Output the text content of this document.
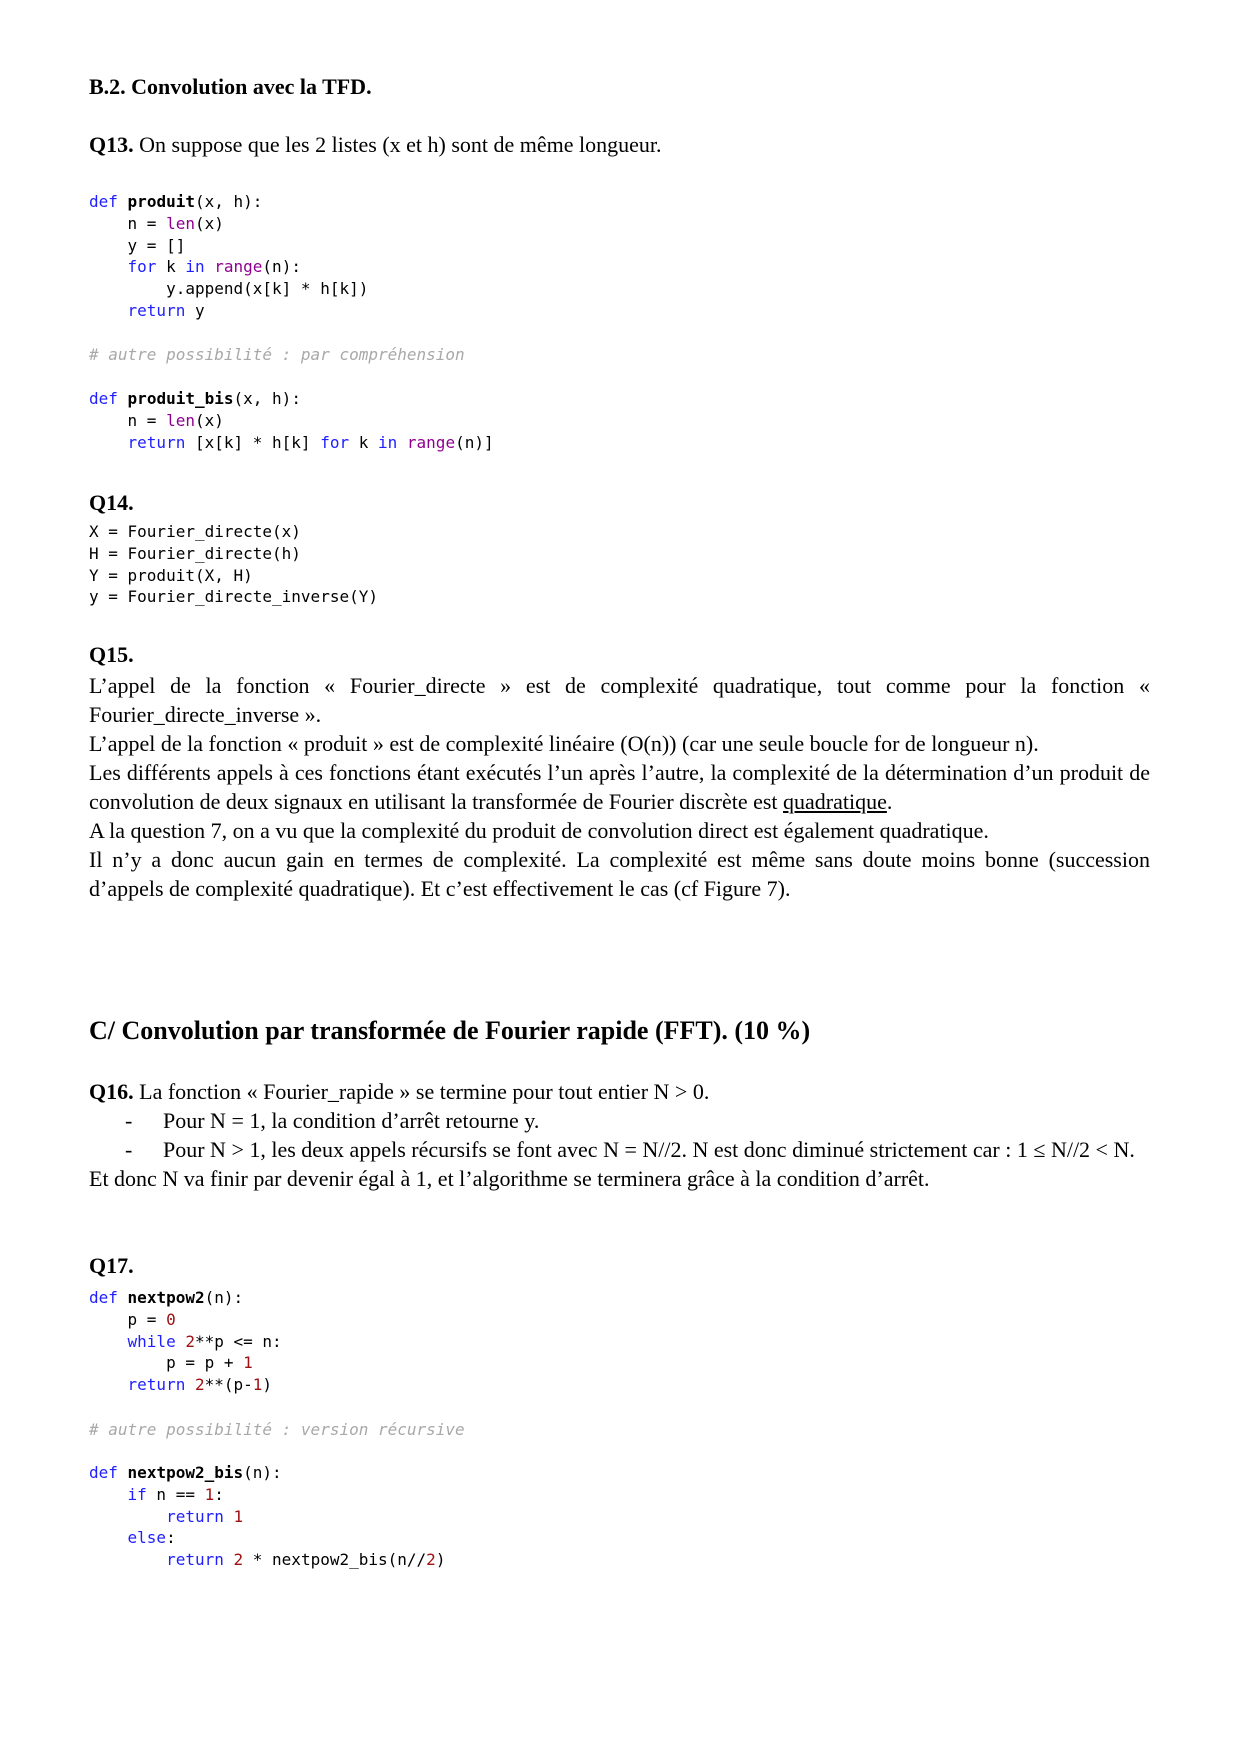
B.2. Convolution avec la TFD.
Q13. On suppose que les 2 listes (x et h) sont de même longueur.
def produit(x, h):
n = len(x)
y = []
for k in range(n):
y.append(x[k] * h[k])
return y
# autre possibilité : par compréhension
def produit_bis(x, h):
n = len(x)
return [x[k] * h[k] for k in range(n)]
Q14.
X = Fourier_directe(x)
H = Fourier_directe(h)
Y = produit(X, H)
y = Fourier_directe_inverse(Y)
Q15.

L’appel de la fonction « Fourier_directe » est de complexité quadratique, tout comme pour la fonction « Fourier_directe_inverse ».

L’appel de la fonction « produit » est de complexité linéaire (O(n)) (car une seule boucle for de longueur n).

Les différents appels à ces fonctions étant exécutés l’un après l’autre, la complexité de la détermination d’un produit de convolution de deux signaux en utilisant la transformée de Fourier discrète est quadratique.

A la question 7, on a vu que la complexité du produit de convolution direct est également quadratique.

Il n’y a donc aucun gain en termes de complexité. La complexité est même sans doute moins bonne (succession d’appels de complexité quadratique). Et c’est effectivement le cas (cf Figure 7).

C/ Convolution par transformée de Fourier rapide (FFT). (10 %)

Q16. La fonction « Fourier_rapide » se termine pour tout entier N > 0.

- Pour N = 1, la condition d’arrêt retourne y.
- Pour N > 1, les deux appels récursifs se font avec N = N//2. N est donc diminué strictement car : 1 ≤ N//2 < N.

Et donc N va finir par devenir égal à 1, et l’algorithme se terminera grâce à la condition d’arrêt.

Q17.
def nextpow2(n):
p = 0
while 2**p <= n:
p = p + 1
return 2**(p-1)
# autre possibilité : version récursive
def nextpow2_bis(n):
if n == 1:
return 1
else:
return 2 * nextpow2_bis(n//2)
